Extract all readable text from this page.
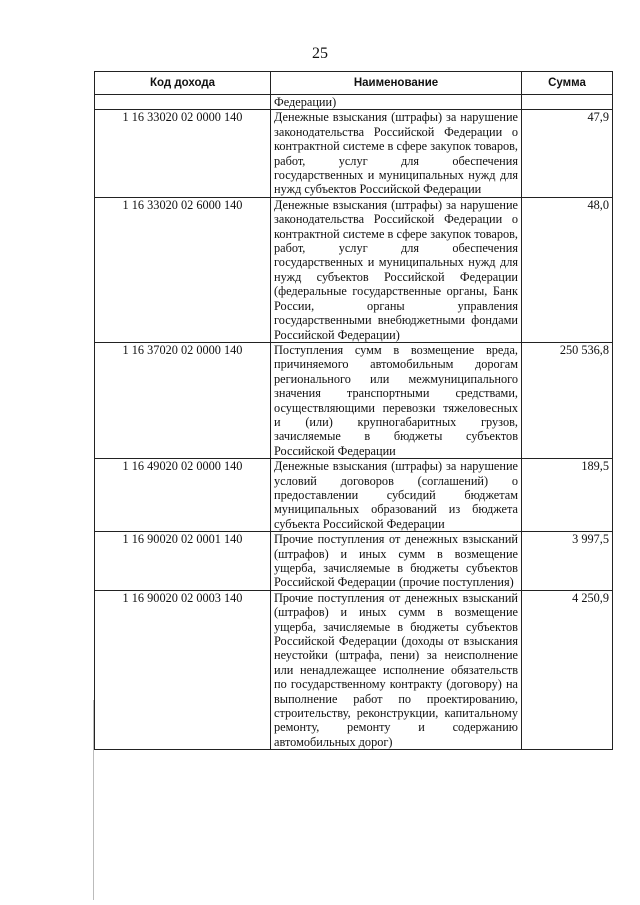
25
Код дохода	Наименование	Сумма
	Федерации)	
1 16 33020 02 0000 140	Денежные взыскания (штрафы) за нарушение законодательства Российской Федерации о контрактной системе в сфере закупок товаров, работ, услуг для обеспечения государственных и муниципальных нужд для нужд субъектов Российской Федерации	47,9
1 16 33020 02 6000 140	Денежные взыскания (штрафы) за нарушение законодательства Российской Федерации о контрактной системе в сфере закупок товаров, работ, услуг для обеспечения государственных и муниципальных нужд для нужд субъектов Российской Федерации (федеральные государственные органы, Банк России, органы управления государственными внебюджетными фондами Российской Федерации)	48,0
1 16 37020 02 0000 140	Поступления сумм в возмещение вреда, причиняемого автомобильным дорогам регионального или межмуниципального значения транспортными средствами, осуществляющими перевозки тяжеловесных и (или) крупногабаритных грузов, зачисляемые в бюджеты субъектов Российской Федерации	250 536,8
1 16 49020 02 0000 140	Денежные взыскания (штрафы) за нарушение условий договоров (соглашений) о предоставлении субсидий бюджетам муниципальных образований из бюджета субъекта Российской Федерации	189,5
1 16 90020 02 0001 140	Прочие поступления от денежных взысканий (штрафов) и иных сумм в возмещение ущерба, зачисляемые в бюджеты субъектов Российской Федерации (прочие поступления)	3 997,5
1 16 90020 02 0003 140	Прочие поступления от денежных взысканий (штрафов) и иных сумм в возмещение ущерба, зачисляемые в бюджеты субъектов Российской Федерации (доходы от взыскания неустойки (штрафа, пени) за неисполнение или ненадлежащее исполнение обязательств по государственному контракту (договору) на выполнение работ по проектированию, строительству, реконструкции, капитальному ремонту, ремонту и содержанию автомобильных дорог)	4 250,9
